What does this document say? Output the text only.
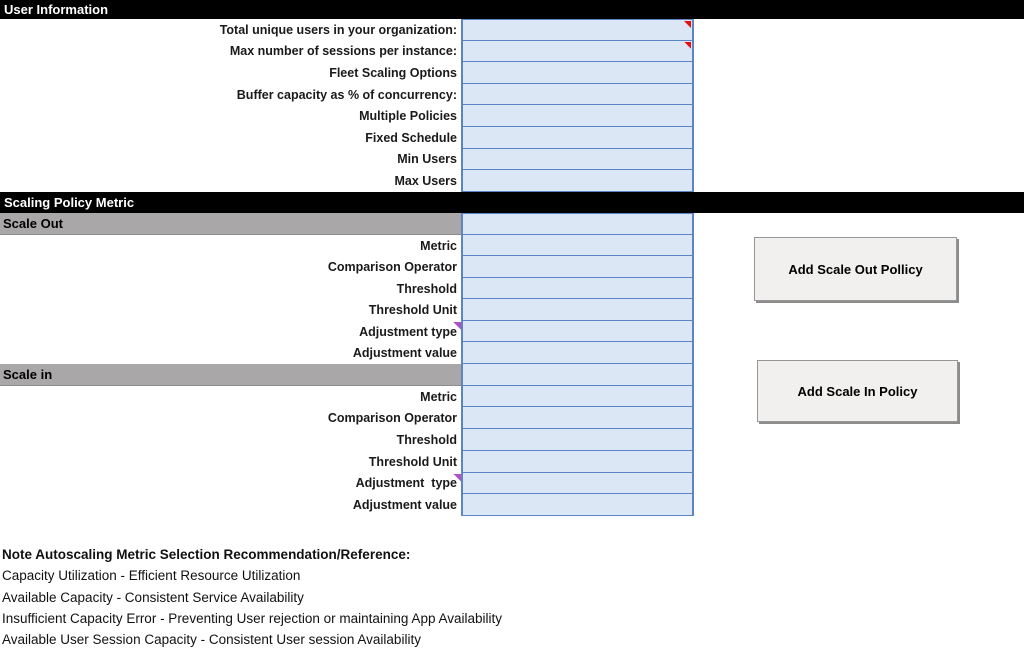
User Information
Total unique users in your organization:
Max number of sessions per instance:
Fleet Scaling Options
Buffer capacity as % of concurrency:
Multiple Policies
Fixed Schedule
Min Users
Max Users
Scaling Policy Metric
Scale Out
Metric
Comparison Operator
Threshold
Threshold Unit
Adjustment type
Adjustment value
Scale in
Metric
Comparison Operator
Threshold
Threshold Unit
Adjustment  type
Adjustment value
Add Scale Out Pollicy
Add Scale In Policy
Note Autoscaling Metric Selection Recommendation/Reference:
Capacity Utilization - Efficient Resource Utilization
Available Capacity - Consistent Service Availability
Insufficient Capacity Error - Preventing User rejection or maintaining App Availability
Available User Session Capacity - Consistent User session Availability
